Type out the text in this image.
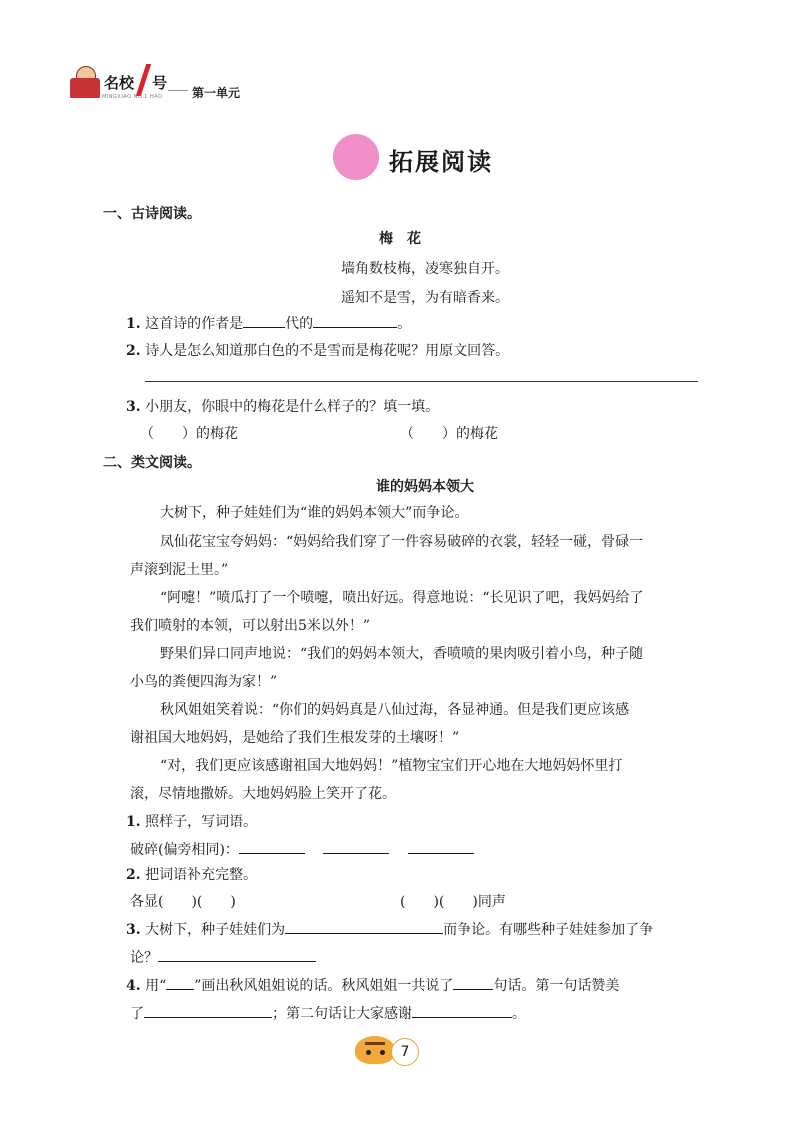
名校 号
MINGXIAO NO.1 HAO 第一单元
拓展阅读
一、古诗阅读。
梅　花
墙角数枝梅，凌寒独自开。
遥知不是雪，为有暗香来。
1. 这首诗的作者是	代的	。
2. 诗人是怎么知道那白色的不是雪而是梅花呢？用原文回答。
3. 小朋友，你眼中的梅花是什么样子的？填一填。
（　　）的梅花	（　　）的梅花
二、类文阅读。
谁的妈妈本领大
大树下，种子娃娃们为“谁的妈妈本领大”而争论。
凤仙花宝宝夸妈妈：“妈妈给我们穿了一件容易破碎的衣裳，轻轻一碰，骨碌一
声滚到泥土里。”
“阿嚏！”喷瓜打了一个喷嚏，喷出好远。得意地说：“长见识了吧，我妈妈给了
我们喷射的本领，可以射出5米以外！”
野果们异口同声地说：“我们的妈妈本领大，香喷喷的果肉吸引着小鸟，种子随
小鸟的粪便四海为家！”
秋风姐姐笑着说：“你们的妈妈真是八仙过海，各显神通。但是我们更应该感
谢祖国大地妈妈，是她给了我们生根发芽的土壤呀！”
“对，我们更应该感谢祖国大地妈妈！”植物宝宝们开心地在大地妈妈怀里打
滚，尽情地撒娇。大地妈妈脸上笑开了花。
1. 照样子，写词语。
破碎(偏旁相同)：
2. 把词语补充完整。
各显(　　)(　　)	(　　)(　　)同声
3. 大树下，种子娃娃们为	而争论。有哪些种子娃娃参加了争
论？
4. 用“ ”画出秋风姐姐说的话。秋风姐姐一共说了	句话。第一句话赞美
了	；第二句话让大家感谢	。
7
